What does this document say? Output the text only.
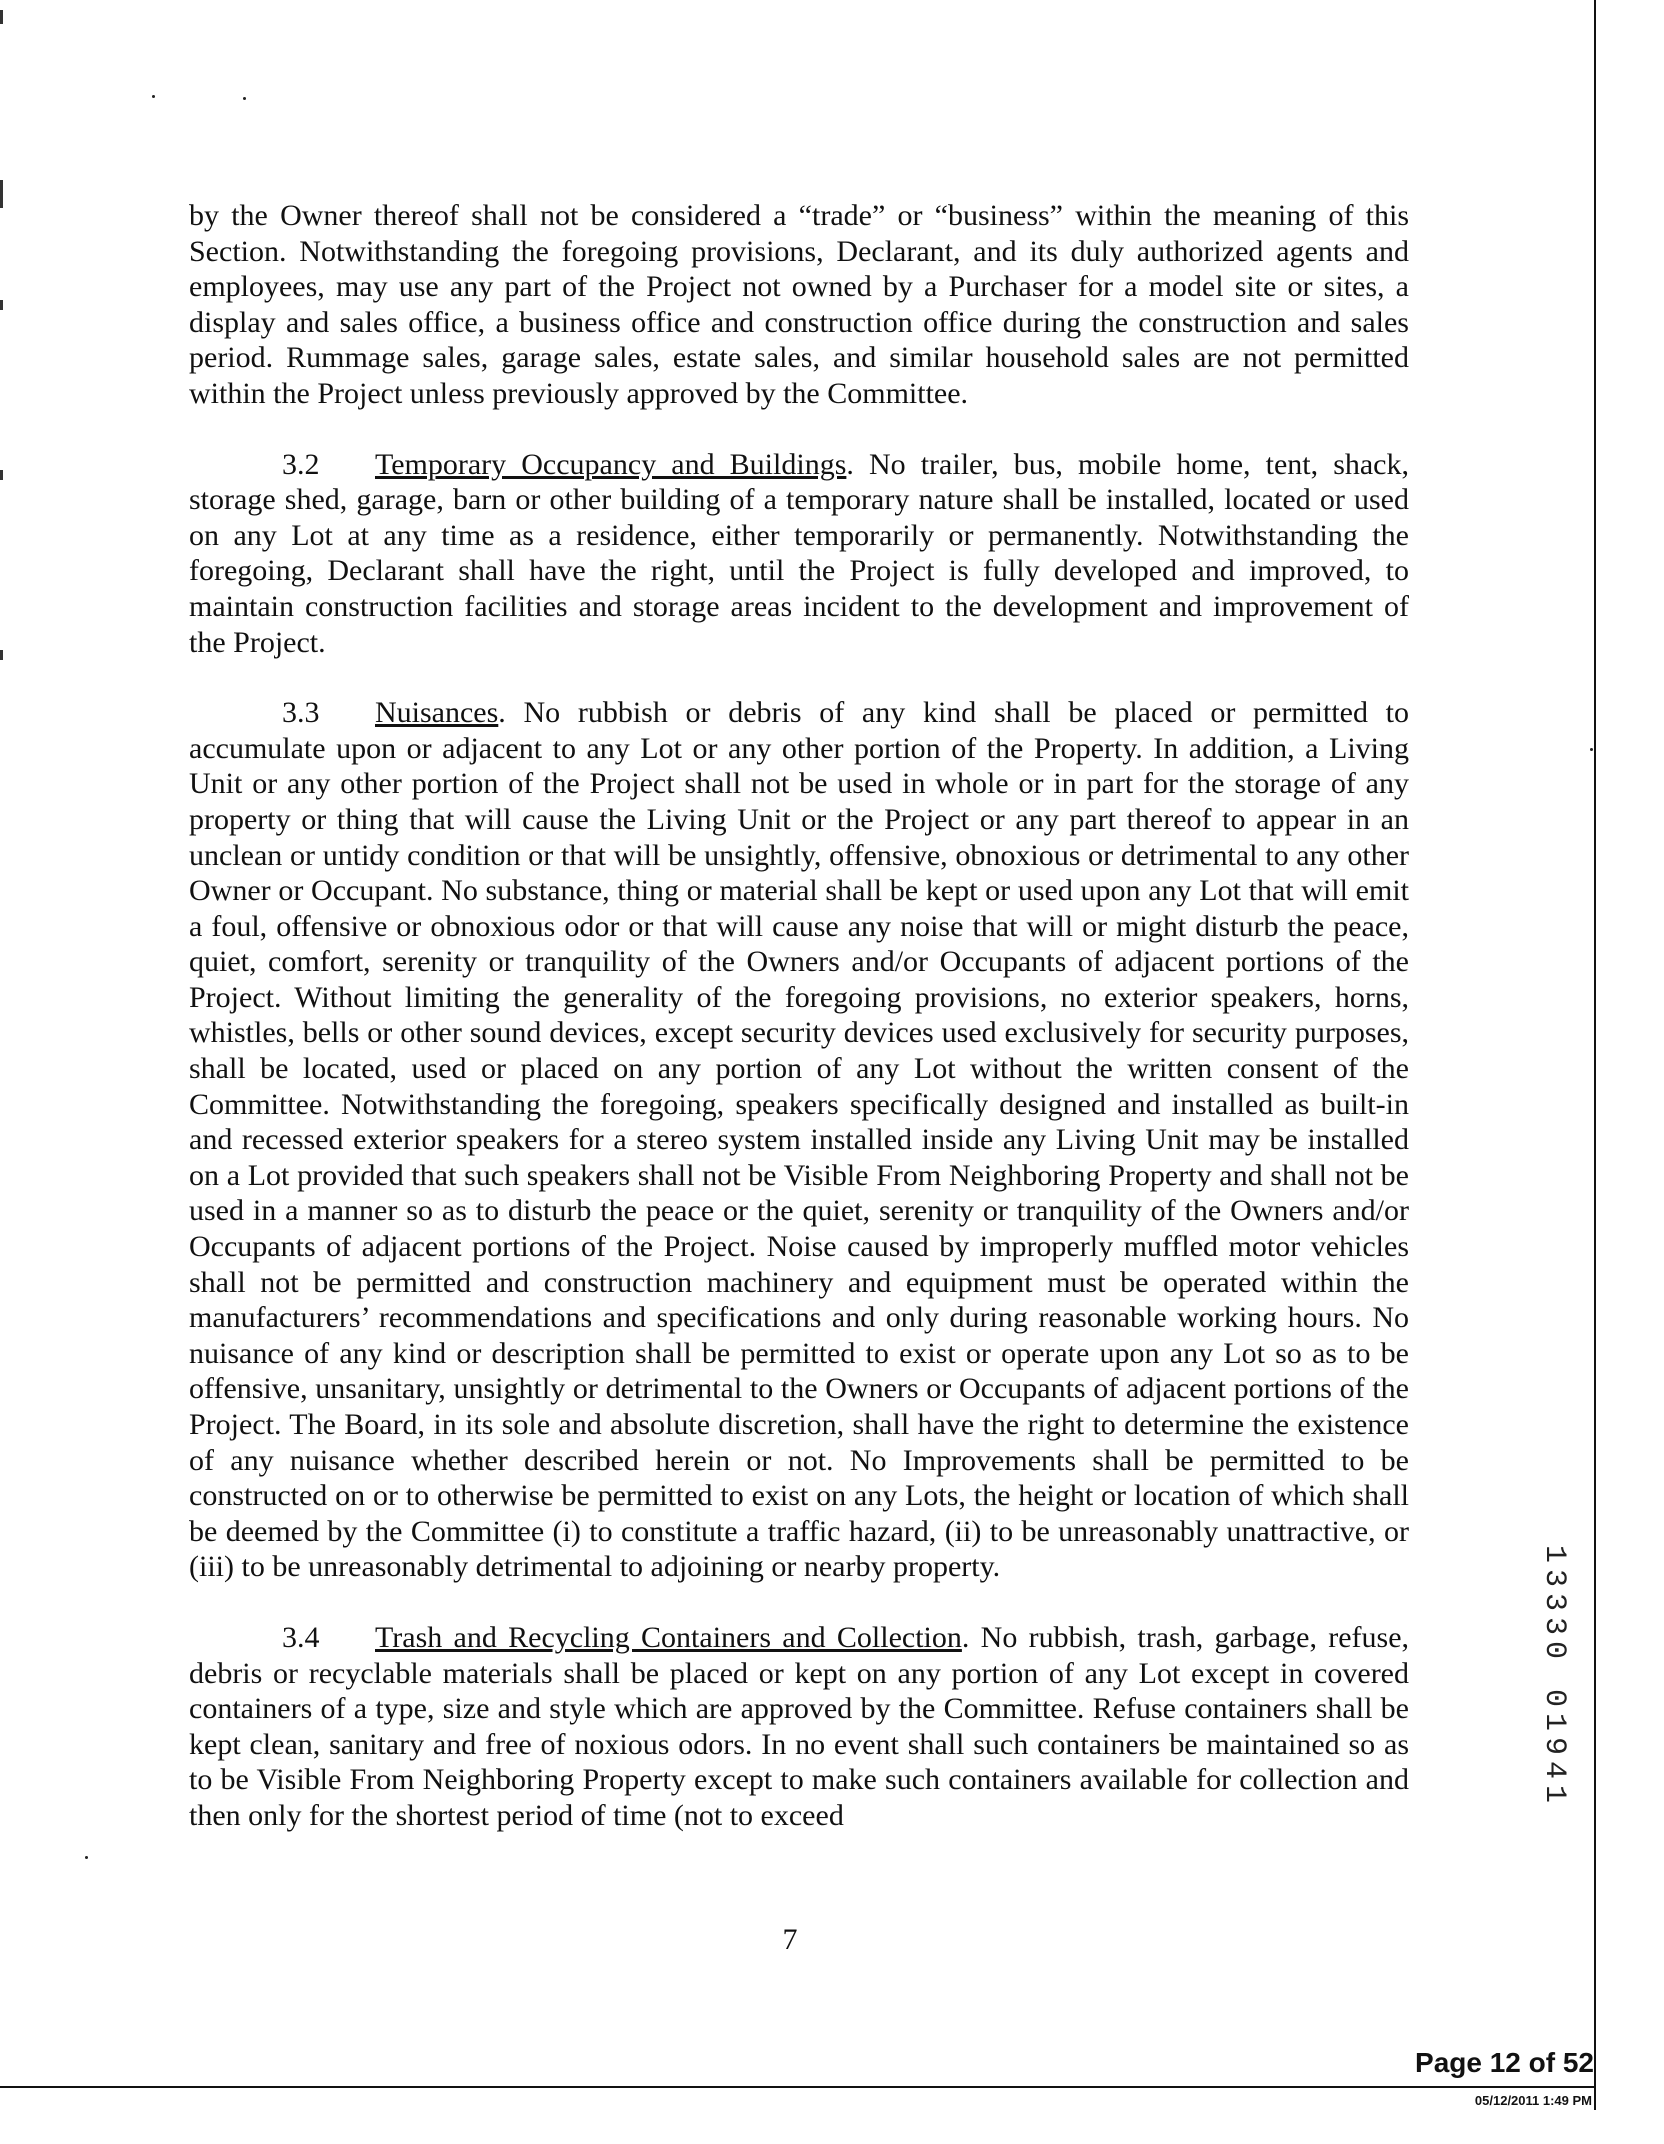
by the Owner thereof shall not be considered a “trade” or “business” within the meaning of this Section. Notwithstanding the foregoing provisions, Declarant, and its duly authorized agents and employees, may use any part of the Project not owned by a Purchaser for a model site or sites, a display and sales office, a business office and construction office during the construction and sales period. Rummage sales, garage sales, estate sales, and similar household sales are not permitted within the Project unless previously approved by the Committee.

3.2 Temporary Occupancy and Buildings. No trailer, bus, mobile home, tent, shack, storage shed, garage, barn or other building of a temporary nature shall be installed, located or used on any Lot at any time as a residence, either temporarily or permanently. Notwithstanding the foregoing, Declarant shall have the right, until the Project is fully developed and improved, to maintain construction facilities and storage areas incident to the development and improvement of the Project.

3.3 Nuisances. No rubbish or debris of any kind shall be placed or permitted to accumulate upon or adjacent to any Lot or any other portion of the Property. In addition, a Living Unit or any other portion of the Project shall not be used in whole or in part for the storage of any property or thing that will cause the Living Unit or the Project or any part thereof to appear in an unclean or untidy condition or that will be unsightly, offensive, obnoxious or detrimental to any other Owner or Occupant. No substance, thing or material shall be kept or used upon any Lot that will emit a foul, offensive or obnoxious odor or that will cause any noise that will or might disturb the peace, quiet, comfort, serenity or tranquility of the Owners and/or Occupants of adjacent portions of the Project. Without limiting the generality of the foregoing provisions, no exterior speakers, horns, whistles, bells or other sound devices, except security devices used exclusively for security purposes, shall be located, used or placed on any portion of any Lot without the written consent of the Committee. Notwithstanding the foregoing, speakers specifically designed and installed as built-in and recessed exterior speakers for a stereo system installed inside any Living Unit may be installed on a Lot provided that such speakers shall not be Visible From Neighboring Property and shall not be used in a manner so as to disturb the peace or the quiet, serenity or tranquility of the Owners and/or Occupants of adjacent portions of the Project. Noise caused by improperly muffled motor vehicles shall not be permitted and construction machinery and equipment must be operated within the manufacturers’ recommendations and specifications and only during reasonable working hours. No nuisance of any kind or description shall be permitted to exist or operate upon any Lot so as to be offensive, unsanitary, unsightly or detrimental to the Owners or Occupants of adjacent portions of the Project. The Board, in its sole and absolute discretion, shall have the right to determine the existence of any nuisance whether described herein or not. No Improvements shall be permitted to be constructed on or to otherwise be permitted to exist on any Lots, the height or location of which shall be deemed by the Committee (i) to constitute a traffic hazard, (ii) to be unreasonably unattractive, or (iii) to be unreasonably detrimental to adjoining or nearby property.

3.4 Trash and Recycling Containers and Collection. No rubbish, trash, garbage, refuse, debris or recyclable materials shall be placed or kept on any portion of any Lot except in covered containers of a type, size and style which are approved by the Committee. Refuse containers shall be kept clean, sanitary and free of noxious odors. In no event shall such containers be maintained so as to be Visible From Neighboring Property except to make such containers available for collection and then only for the shortest period of time (not to exceed

7
13330 01941
Page 12 of 52
05/12/2011 1:49 PM
